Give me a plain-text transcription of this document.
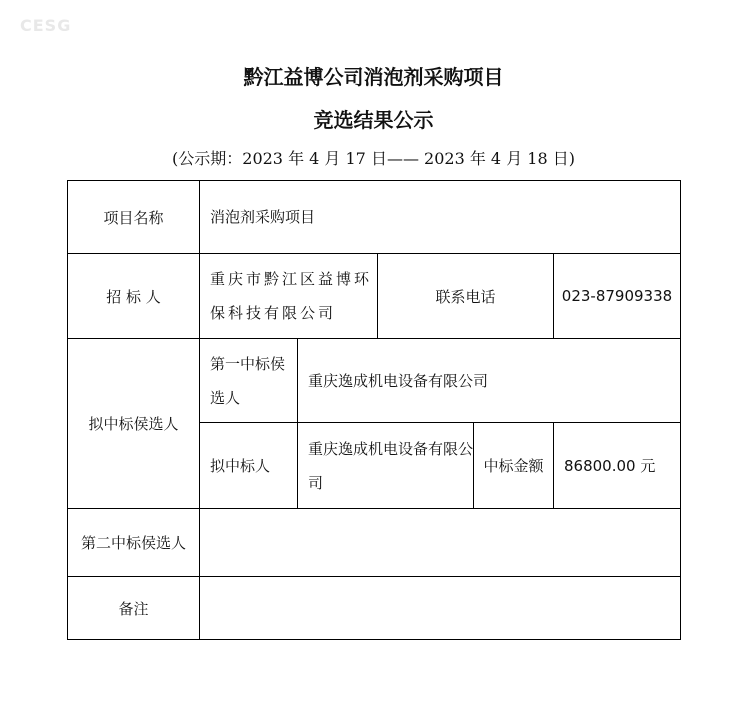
CESG
黔江益博公司消泡剂采购项目
竞选结果公示
(公示期：2023 年 4 月 17 日—— 2023 年 4 月 18 日)
项目名称	消泡剂采购项目				
招 标 人	重庆市黔江区益博环保科技有限公司		联系电话		023-87909338
拟中标侯选人	第一中标侯选人	重庆逸成机电设备有限公司			
	拟中标人	重庆逸成机电设备有限公司		中标金额	86800.00 元
第二中标侯选人					
备注					
